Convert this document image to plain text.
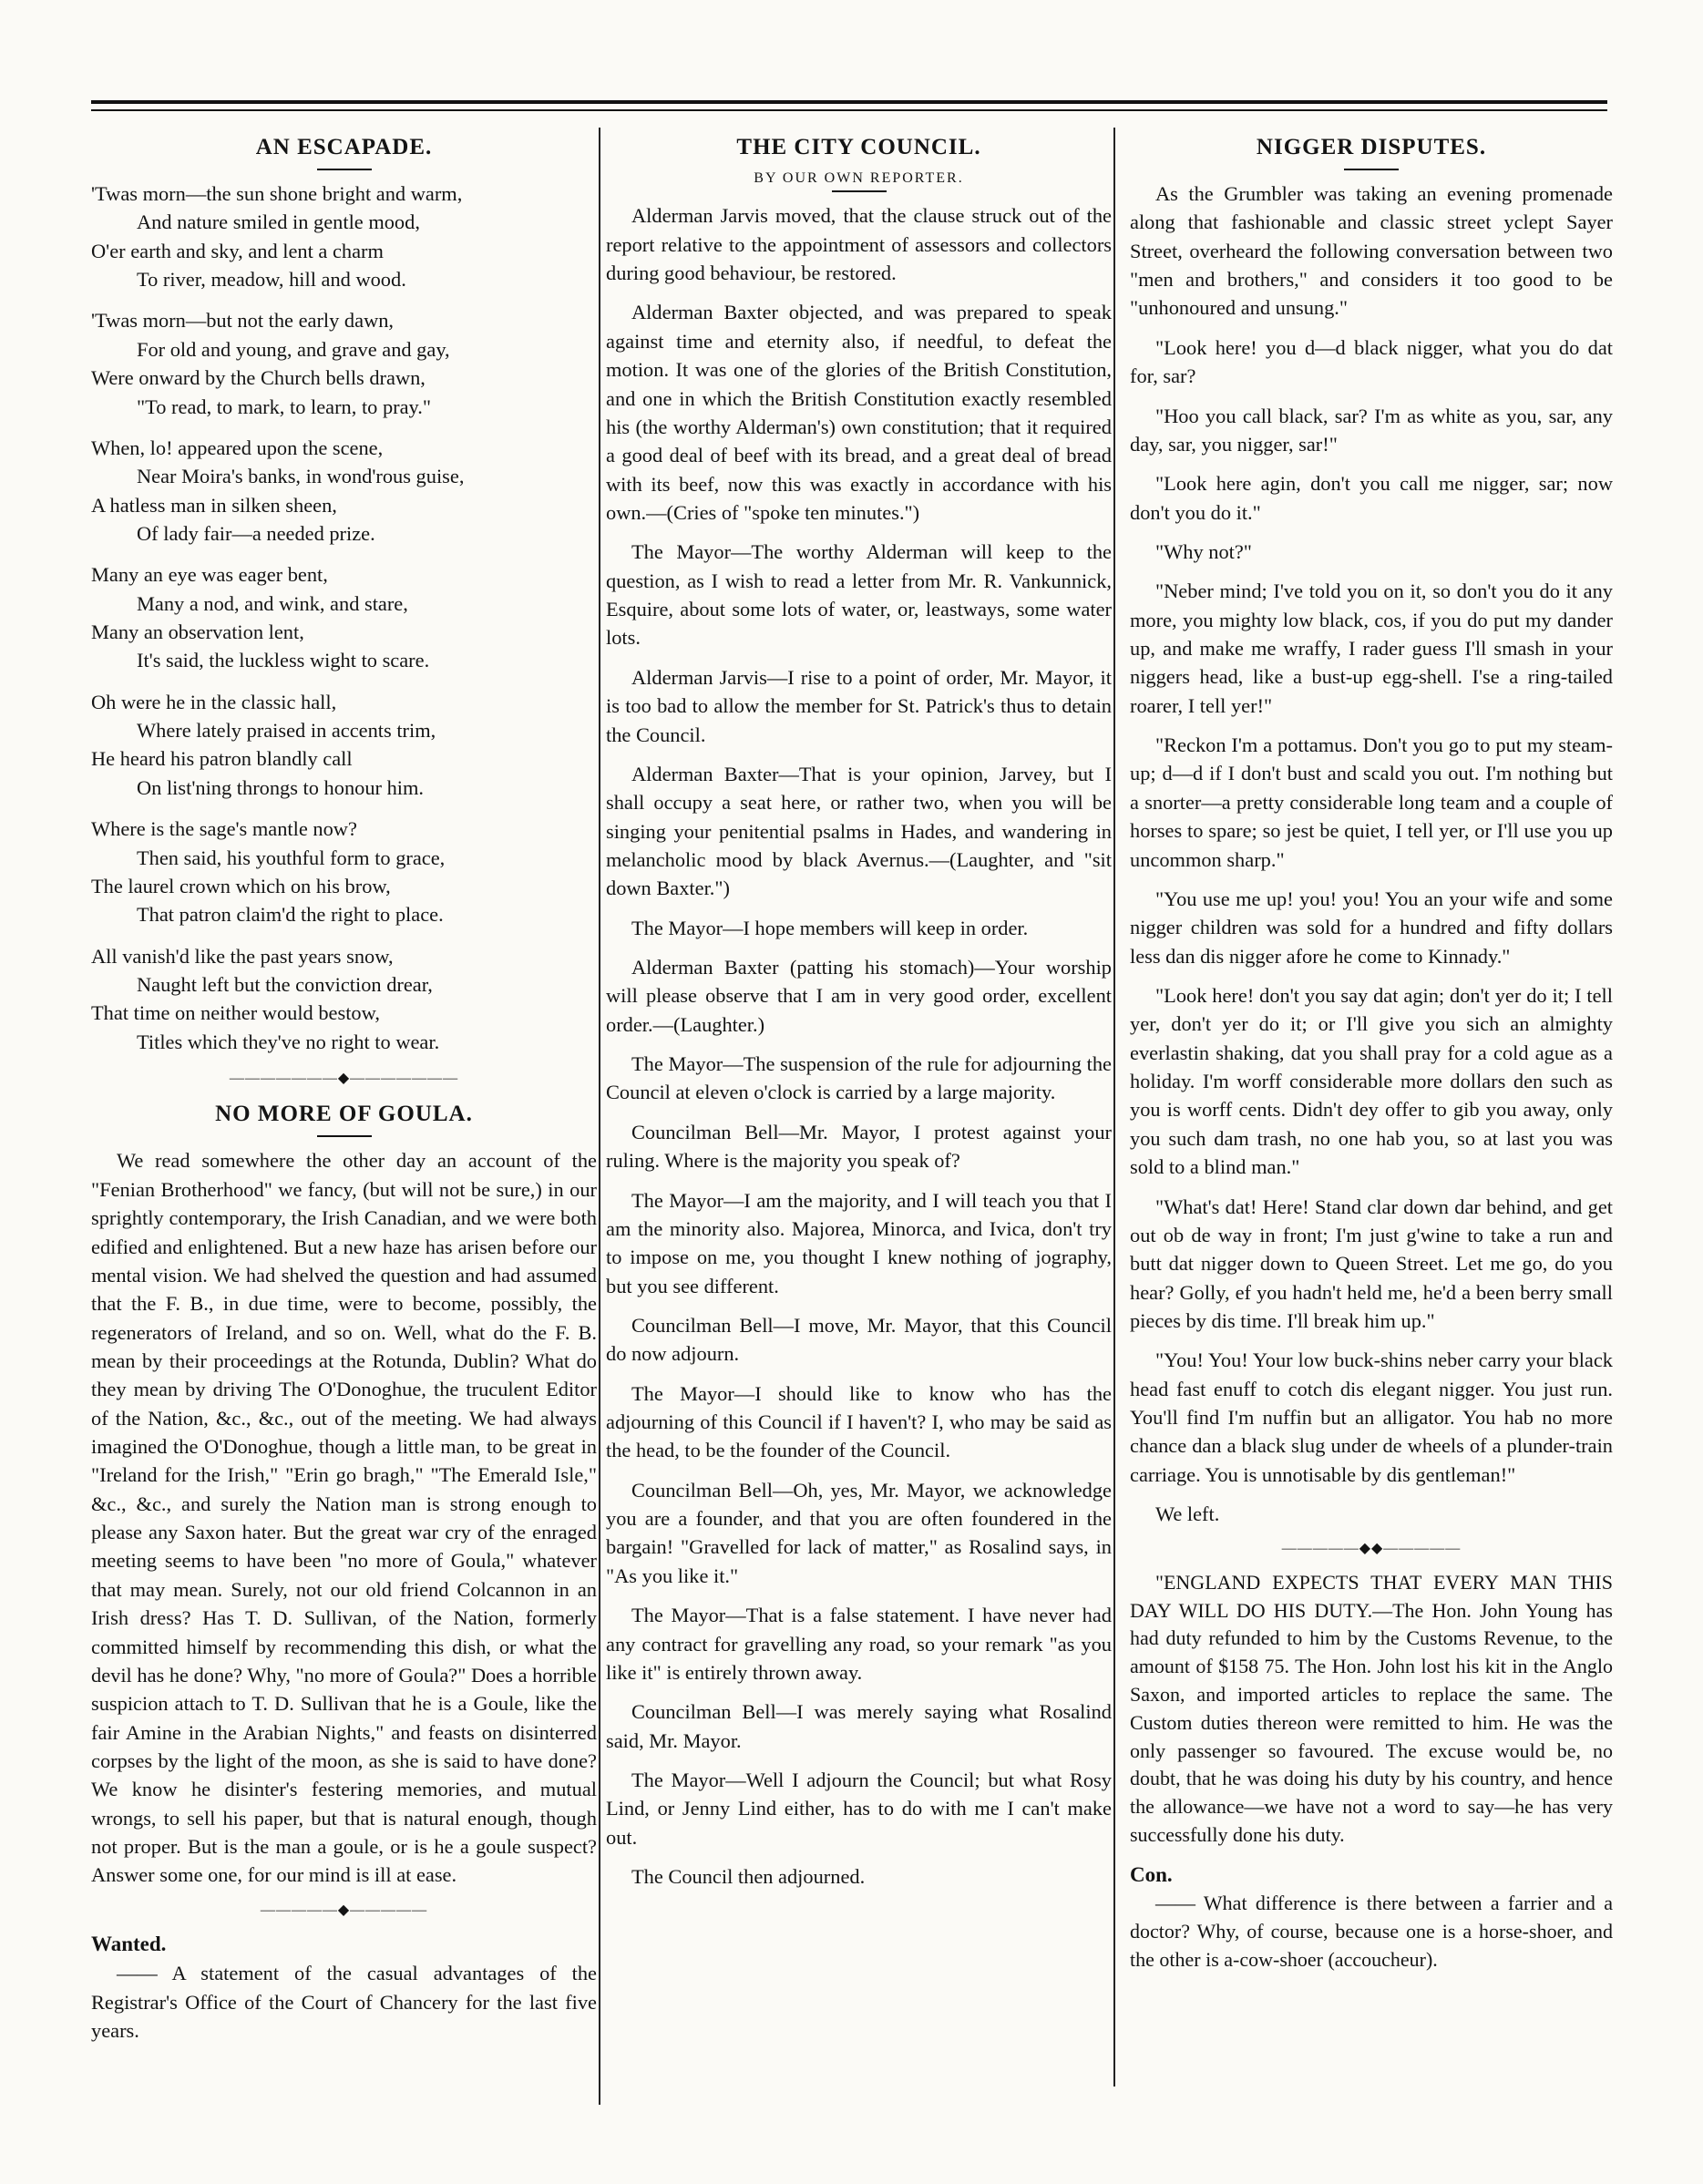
AN ESCAPADE.
'Twas morn—the sun shone bright and warm,
And nature smiled in gentle mood,
O'er earth and sky, and lent a charm
To river, meadow, hill and wood.
'Twas morn—but not the early dawn,
For old and young, and grave and gay,
Were onward by the Church bells drawn,
"To read, to mark, to learn, to pray."
When, lo! appeared upon the scene,
Near Moira's banks, in wond'rous guise,
A hatless man in silken sheen,
Of lady fair—a needed prize.
Many an eye was eager bent,
Many a nod, and wink, and stare,
Many an observation lent,
It's said, the luckless wight to scare.
Oh were he in the classic hall,
Where lately praised in accents trim,
He heard his patron blandly call
On list'ning throngs to honour him.
Where is the sage's mantle now?
Then said, his youthful form to grace,
The laurel crown which on his brow,
That patron claim'd the right to place.
All vanish'd like the past years snow,
Naught left but the conviction drear,
That time on neither would bestow,
Titles which they've no right to wear.
———————◆———————
NO MORE OF GOULA.

We read somewhere the other day an account of the "Fenian Brotherhood" we fancy, (but will not be sure,) in our sprightly contemporary, the Irish Canadian, and we were both edified and enlightened. But a new haze has arisen before our mental vision. We had shelved the question and had assumed that the F. B., in due time, were to become, possibly, the regenerators of Ireland, and so on. Well, what do the F. B. mean by their proceedings at the Rotunda, Dublin? What do they mean by driving The O'Donoghue, the truculent Editor of the Nation, &c., &c., out of the meeting. We had always imagined the O'Donoghue, though a little man, to be great in "Ireland for the Irish," "Erin go bragh," "The Emerald Isle," &c., &c., and surely the Nation man is strong enough to please any Saxon hater. But the great war cry of the enraged meeting seems to have been "no more of Goula," whatever that may mean. Surely, not our old friend Colcannon in an Irish dress? Has T. D. Sullivan, of the Nation, formerly committed himself by recommending this dish, or what the devil has he done? Why, "no more of Goula?" Does a horrible suspicion attach to T. D. Sullivan that he is a Goule, like the fair Amine in the Arabian Nights," and feasts on disinterred corpses by the light of the moon, as she is said to have done? We know he disinter's festering memories, and mutual wrongs, to sell his paper, but that is natural enough, though not proper. But is the man a goule, or is he a goule suspect? Answer some one, for our mind is ill at ease.

—————◆—————
Wanted.

—— A statement of the casual advantages of the Registrar's Office of the Court of Chancery for the last five years.

THE CITY COUNCIL.
BY OUR OWN REPORTER.

Alderman Jarvis moved, that the clause struck out of the report relative to the appointment of assessors and collectors during good behaviour, be restored.

Alderman Baxter objected, and was prepared to speak against time and eternity also, if needful, to defeat the motion. It was one of the glories of the British Constitution, and one in which the British Constitution exactly resembled his (the worthy Alderman's) own constitution; that it required a good deal of beef with its bread, and a great deal of bread with its beef, now this was exactly in accordance with his own.—(Cries of "spoke ten minutes.")

The Mayor—The worthy Alderman will keep to the question, as I wish to read a letter from Mr. R. Vankunnick, Esquire, about some lots of water, or, leastways, some water lots.

Alderman Jarvis—I rise to a point of order, Mr. Mayor, it is too bad to allow the member for St. Patrick's thus to detain the Council.

Alderman Baxter—That is your opinion, Jarvey, but I shall occupy a seat here, or rather two, when you will be singing your penitential psalms in Hades, and wandering in melancholic mood by black Avernus.—(Laughter, and "sit down Baxter.")

The Mayor—I hope members will keep in order.

Alderman Baxter (patting his stomach)—Your worship will please observe that I am in very good order, excellent order.—(Laughter.)

The Mayor—The suspension of the rule for adjourning the Council at eleven o'clock is carried by a large majority.

Councilman Bell—Mr. Mayor, I protest against your ruling. Where is the majority you speak of?

The Mayor—I am the majority, and I will teach you that I am the minority also. Majorea, Minorca, and Ivica, don't try to impose on me, you thought I knew nothing of jography, but you see different.

Councilman Bell—I move, Mr. Mayor, that this Council do now adjourn.

The Mayor—I should like to know who has the adjourning of this Council if I haven't? I, who may be said as the head, to be the founder of the Council.

Councilman Bell—Oh, yes, Mr. Mayor, we acknowledge you are a founder, and that you are often foundered in the bargain! "Gravelled for lack of matter," as Rosalind says, in "As you like it."

The Mayor—That is a false statement. I have never had any contract for gravelling any road, so your remark "as you like it" is entirely thrown away.

Councilman Bell—I was merely saying what Rosalind said, Mr. Mayor.

The Mayor—Well I adjourn the Council; but what Rosy Lind, or Jenny Lind either, has to do with me I can't make out.

The Council then adjourned.

NIGGER DISPUTES.

As the Grumbler was taking an evening promenade along that fashionable and classic street yclept Sayer Street, overheard the following conversation between two "men and brothers," and considers it too good to be "unhonoured and unsung."

"Look here! you d—d black nigger, what you do dat for, sar?

"Hoo you call black, sar? I'm as white as you, sar, any day, sar, you nigger, sar!"

"Look here agin, don't you call me nigger, sar; now don't you do it."

"Why not?"

"Neber mind; I've told you on it, so don't you do it any more, you mighty low black, cos, if you do put my dander up, and make me wraffy, I rader guess I'll smash in your niggers head, like a bust-up egg-shell. I'se a ring-tailed roarer, I tell yer!"

"Reckon I'm a pottamus. Don't you go to put my steam-up; d—d if I don't bust and scald you out. I'm nothing but a snorter—a pretty considerable long team and a couple of horses to spare; so jest be quiet, I tell yer, or I'll use you up uncommon sharp."

"You use me up! you! you! You an your wife and some nigger children was sold for a hundred and fifty dollars less dan dis nigger afore he come to Kinnady."

"Look here! don't you say dat agin; don't yer do it; I tell yer, don't yer do it; or I'll give you sich an almighty everlastin shaking, dat you shall pray for a cold ague as a holiday. I'm worff considerable more dollars den such as you is worff cents. Didn't dey offer to gib you away, only you such dam trash, no one hab you, so at last you was sold to a blind man."

"What's dat! Here! Stand clar down dar behind, and get out ob de way in front; I'm just g'wine to take a run and butt dat nigger down to Queen Street. Let me go, do you hear? Golly, ef you hadn't held me, he'd a been berry small pieces by dis time. I'll break him up."

"You! You! Your low buck-shins neber carry your black head fast enuff to cotch dis elegant nigger. You just run. You'll find I'm nuffin but an alligator. You hab no more chance dan a black slug under de wheels of a plunder-train carriage. You is unnotisable by dis gentleman!"

We left.

—————◆◆—————

"ENGLAND EXPECTS THAT EVERY MAN THIS DAY WILL DO HIS DUTY.—The Hon. John Young has had duty refunded to him by the Customs Revenue, to the amount of $158 75. The Hon. John lost his kit in the Anglo Saxon, and imported articles to replace the same. The Custom duties thereon were remitted to him. He was the only passenger so favoured. The excuse would be, no doubt, that he was doing his duty by his country, and hence the allowance—we have not a word to say—he has very successfully done his duty.

Con.

—— What difference is there between a farrier and a doctor? Why, of course, because one is a horse-shoer, and the other is a-cow-shoer (accoucheur).
